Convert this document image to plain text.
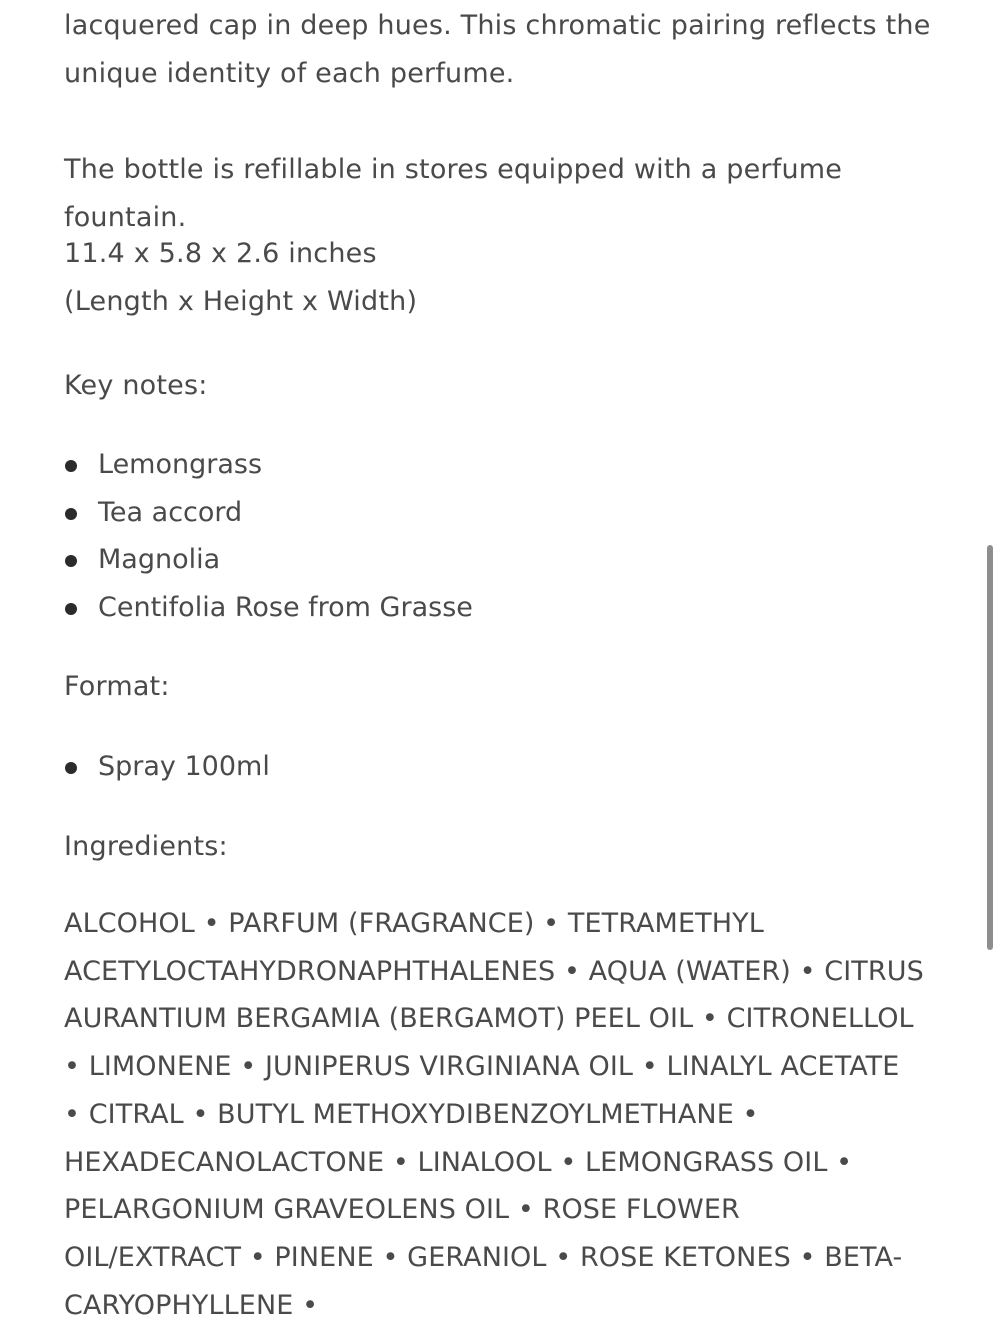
lacquered cap in deep hues. This chromatic pairing reflects the unique identity of each perfume.

The bottle is refillable in stores equipped with a perfume fountain.

11.4 x 5.8 x 2.6 inches
(Length x Height x Width)

Key notes:

Lemongrass
Tea accord
Magnolia
Centifolia Rose from Grasse

Format:

Spray 100ml

Ingredients:

ALCOHOL • PARFUM (FRAGRANCE) • TETRAMETHYL ACETYLOCTAHYDRONAPHTHALENES • AQUA (WATER) • CITRUS AURANTIUM BERGAMIA (BERGAMOT) PEEL OIL • CITRONELLOL • LIMONENE • JUNIPERUS VIRGINIANA OIL • LINALYL ACETATE • CITRAL • BUTYL METHOXYDIBENZOYLMETHANE • HEXADECANOLACTONE • LINALOOL • LEMONGRASS OIL • PELARGONIUM GRAVEOLENS OIL • ROSE FLOWER OIL/EXTRACT • PINENE • GERANIOL • ROSE KETONES • BETA-CARYOPHYLLENE •
